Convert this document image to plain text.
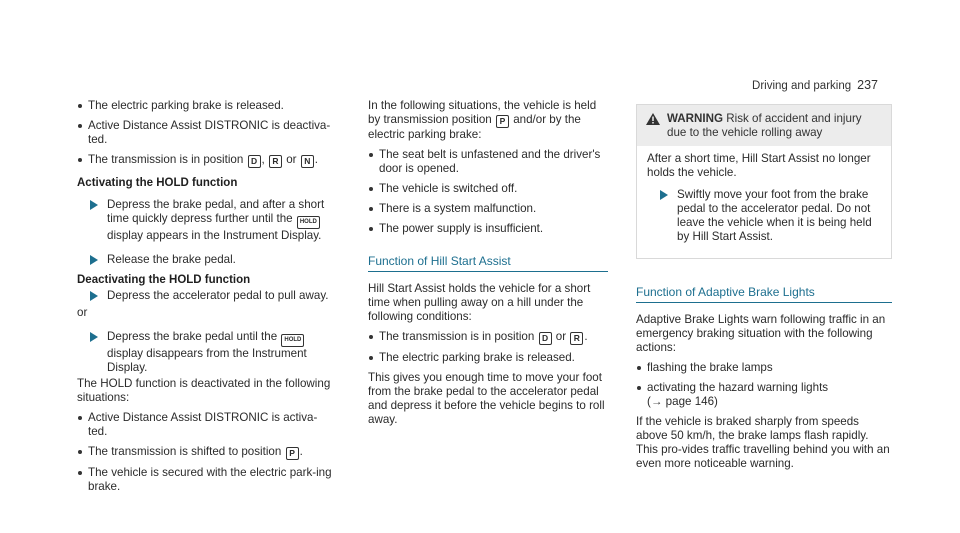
Driving and parking 237
The electric parking brake is released.
Active Distance Assist DISTRONIC is deactiva-ted.
The transmission is in position D , R or N .
Activating the HOLD function
Depress the brake pedal, and after a short time quickly depress further until the HOLD display appears in the Instrument Display.
Release the brake pedal.
Deactivating the HOLD function
Depress the accelerator pedal to pull away.
or
Depress the brake pedal until the HOLD display disappears from the Instrument Display.
The HOLD function is deactivated in the following situations:
Active Distance Assist DISTRONIC is activa-ted.
The transmission is shifted to position P .
The vehicle is secured with the electric park-ing brake.
In the following situations, the vehicle is held by transmission position P and/or by the electric parking brake:
The seat belt is unfastened and the driver's door is opened.
The vehicle is switched off.
There is a system malfunction.
The power supply is insufficient.
Function of Hill Start Assist
Hill Start Assist holds the vehicle for a short time when pulling away on a hill under the following conditions:
The transmission is in position D or R .
The electric parking brake is released.
This gives you enough time to move your foot from the brake pedal to the accelerator pedal and depress it before the vehicle begins to roll away.
WARNING Risk of accident and injury due to the vehicle rolling away
After a short time, Hill Start Assist no longer holds the vehicle.
Swiftly move your foot from the brake pedal to the accelerator pedal. Do not leave the vehicle when it is being held by Hill Start Assist.
Function of Adaptive Brake Lights
Adaptive Brake Lights warn following traffic in an emergency braking situation with the following actions:
flashing the brake lamps
activating the hazard warning lights
(→ page 146)
If the vehicle is braked sharply from speeds above 50 km/h, the brake lamps flash rapidly. This pro-vides traffic travelling behind you with an even more noticeable warning.
